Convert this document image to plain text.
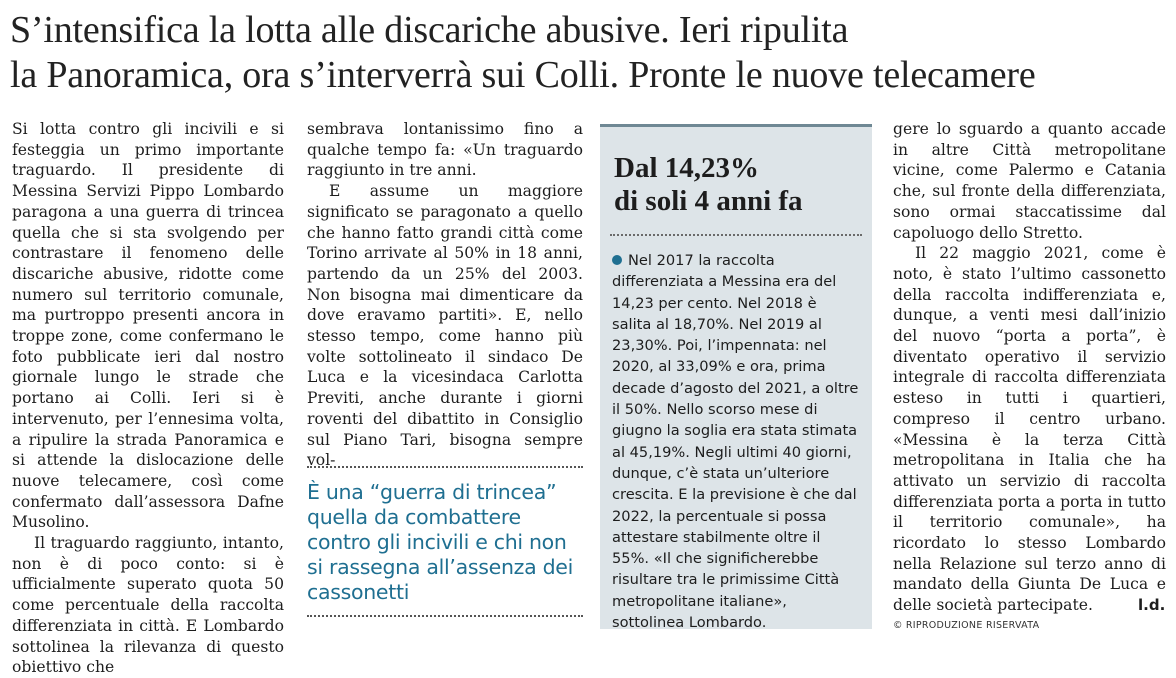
S’intensifica la lotta alle discariche abusive. Ieri ripulita
la Panoramica, ora s’interverrà sui Colli. Pronte le nuove telecamere

Si lotta contro gli incivili e si festeggia un primo importante traguardo. Il presidente di Messina Servizi Pippo Lombardo paragona a una guerra di trincea quella che si sta svolgendo per contrastare il fenomeno delle discariche abusive, ridotte come numero sul territorio comunale, ma purtroppo presenti ancora in troppe zone, come confermano le foto pubblicate ieri dal nostro giornale lungo le strade che portano ai Colli. Ieri si è intervenuto, per l’ennesima volta, a ripulire la strada Panoramica e si attende la dislocazione delle nuove telecamere, così come confermato dall’assessora Dafne Musolino.

Il traguardo raggiunto, intanto, non è di poco conto: si è ufficialmente superato quota 50 come percentuale della raccolta differenziata in città. E Lombardo sottolinea la rilevanza di questo obiettivo che

sembrava lontanissimo fino a qualche tempo fa: «Un traguardo raggiunto in tre anni.

E assume un maggiore significato se paragonato a quello che hanno fatto grandi città come Torino arrivate al 50% in 18 anni, partendo da un 25% del 2003. Non bisogna mai dimenticare da dove eravamo partiti». E, nello stesso tempo, come hanno più volte sottolineato il sindaco De Luca e la vicesindaca Carlotta Previti, anche durante i giorni roventi del dibattito in Consiglio sul Piano Tari, bisogna sempre vol-

È una “guerra di trincea” quella da combattere contro gli incivili e chi non si rassegna all’assenza dei cassonetti
Dal 14,23%
di soli 4 anni fa
Nel 2017 la raccolta differenziata a Messina era del 14,23 per cento. Nel 2018 è salita al 18,70%. Nel 2019 al 23,30%. Poi, l’impennata: nel 2020, al 33,09% e ora, prima decade d’agosto del 2021, a oltre il 50%. Nello scorso mese di giugno la soglia era stata stimata al 45,19%. Negli ultimi 40 giorni, dunque, c’è stata un’ulteriore crescita. E la previsione è che dal 2022, la percentuale si possa attestare stabilmente oltre il 55%. «Il che significherebbe risultare tra le primissime Città metropolitane italiane», sottolinea Lombardo.

gere lo sguardo a quanto accade in altre Città metropolitane vicine, come Palermo e Catania che, sul fronte della differenziata, sono ormai staccatissime dal capoluogo dello Stretto.

Il 22 maggio 2021, come è noto, è stato l’ultimo cassonetto della raccolta indifferenziata e, dunque, a venti mesi dall’inizio del nuovo “porta a porta”, è diventato operativo il servizio integrale di raccolta differenziata esteso in tutti i quartieri, compreso il centro urbano. «Messina è la terza Città metropolitana in Italia che ha attivato un servizio di raccolta differenziata porta a porta in tutto il territorio comunale», ha ricordato lo stesso Lombardo nella Relazione sul terzo anno di mandato della Giunta De Luca e delle società partecipate.	l.d.
© RIPRODUZIONE RISERVATA
